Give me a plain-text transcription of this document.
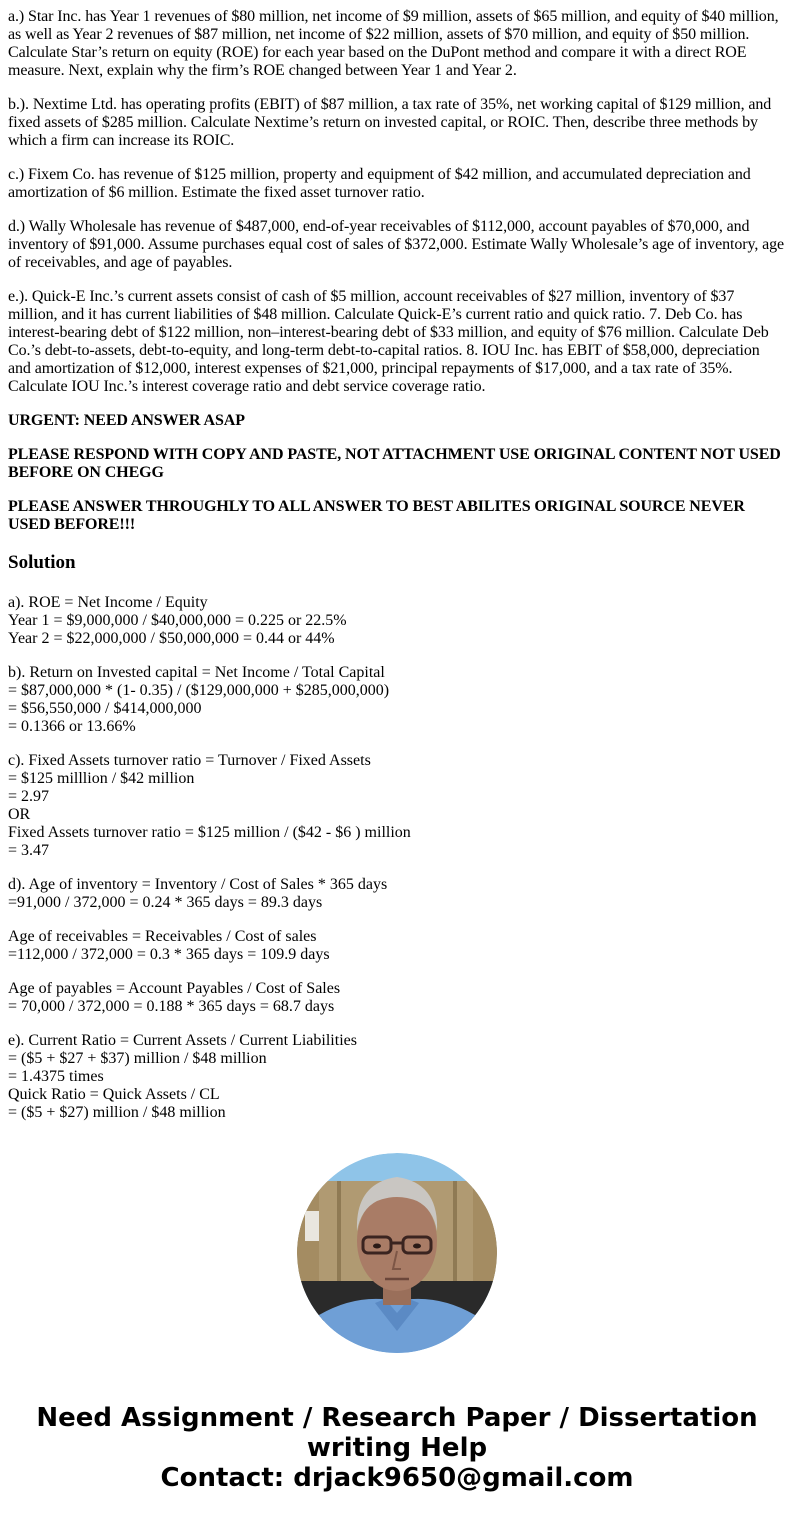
a.) Star Inc. has Year 1 revenues of $80 million, net income of $9 million, assets of $65 million, and equity of $40 million, as well as Year 2 revenues of $87 million, net income of $22 million, assets of $70 million, and equity of $50 million. Calculate Star’s return on equity (ROE) for each year based on the DuPont method and compare it with a direct ROE measure. Next, explain why the firm’s ROE changed between Year 1 and Year 2.

b.). Nextime Ltd. has operating profits (EBIT) of $87 million, a tax rate of 35%, net working capital of $129 million, and fixed assets of $285 million. Calculate Nextime’s return on invested capital, or ROIC. Then, describe three methods by which a firm can increase its ROIC.

c.) Fixem Co. has revenue of $125 million, property and equipment of $42 million, and accumulated depreciation and amortization of $6 million. Estimate the fixed asset turnover ratio.

d.) Wally Wholesale has revenue of $487,000, end-of-year receivables of $112,000, account payables of $70,000, and inventory of $91,000. Assume purchases equal cost of sales of $372,000. Estimate Wally Wholesale’s age of inventory, age of receivables, and age of payables.

e.). Quick-E Inc.’s current assets consist of cash of $5 million, account receivables of $27 million, inventory of $37 million, and it has current liabilities of $48 million. Calculate Quick-E’s current ratio and quick ratio. 7. Deb Co. has interest-bearing debt of $122 million, non–interest-bearing debt of $33 million, and equity of $76 million. Calculate Deb Co.’s debt-to-assets, debt-to-equity, and long-term debt-to-capital ratios. 8. IOU Inc. has EBIT of $58,000, depreciation and amortization of $12,000, interest expenses of $21,000, principal repayments of $17,000, and a tax rate of 35%. Calculate IOU Inc.’s interest coverage ratio and debt service coverage ratio.

URGENT: NEED ANSWER ASAP

PLEASE RESPOND WITH COPY AND PASTE, NOT ATTACHMENT USE ORIGINAL CONTENT NOT USED BEFORE ON CHEGG

PLEASE ANSWER THROUGHLY TO ALL ANSWER TO BEST ABILITES ORIGINAL SOURCE NEVER USED BEFORE!!!

Solution

a). ROE = Net Income / Equity
Year 1 = $9,000,000 / $40,000,000 = 0.225 or 22.5%
Year 2 = $22,000,000 / $50,000,000 = 0.44 or 44%

b). Return on Invested capital = Net Income / Total Capital
= $87,000,000 * (1- 0.35) / ($129,000,000 + $285,000,000)
= $56,550,000 / $414,000,000
= 0.1366 or 13.66%

c). Fixed Assets turnover ratio = Turnover / Fixed Assets
= $125 milllion / $42 million
= 2.97
OR
Fixed Assets turnover ratio = $125 million / ($42 - $6 ) million
= 3.47

d). Age of inventory = Inventory / Cost of Sales * 365 days
=91,000 / 372,000 = 0.24 * 365 days = 89.3 days

Age of receivables = Receivables / Cost of sales
=112,000 / 372,000 = 0.3 * 365 days = 109.9 days

Age of payables = Account Payables / Cost of Sales
= 70,000 / 372,000 = 0.188 * 365 days = 68.7 days

e). Current Ratio = Current Assets / Current Liabilities
= ($5 + $27 + $37) million / $48 million
= 1.4375 times
Quick Ratio = Quick Assets / CL
= ($5 + $27) million / $48 million

Need Assignment / Research Paper / Dissertation
writing Help
Contact: drjack9650@gmail.com
